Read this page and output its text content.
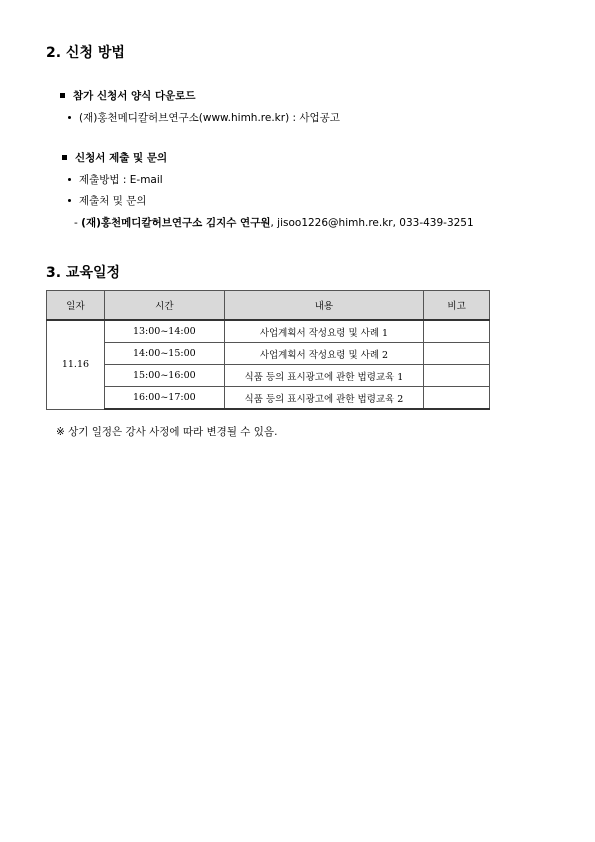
2. 신청 방법
참가 신청서 양식 다운로드
(재)홍천메디칼허브연구소(www.himh.re.kr) : 사업공고
신청서 제출 및 문의
제출방법 : E-mail
제출처 및 문의
- (재)홍천메디칼허브연구소 김지수 연구원, jisoo1226@himh.re.kr, 033-439-3251
3. 교육일정
일자	시간	내용	비고
11.16	13:00~14:00	사업계획서 작성요령 및 사례 1	
	14:00~15:00	사업계획서 작성요령 및 사례 2	
	15:00~16:00	식품 등의 표시광고에 관한 법령교육 1	
	16:00~17:00	식품 등의 표시광고에 관한 법령교육 2	
※ 상기 일정은 강사 사정에 따라 변경될 수 있음.
